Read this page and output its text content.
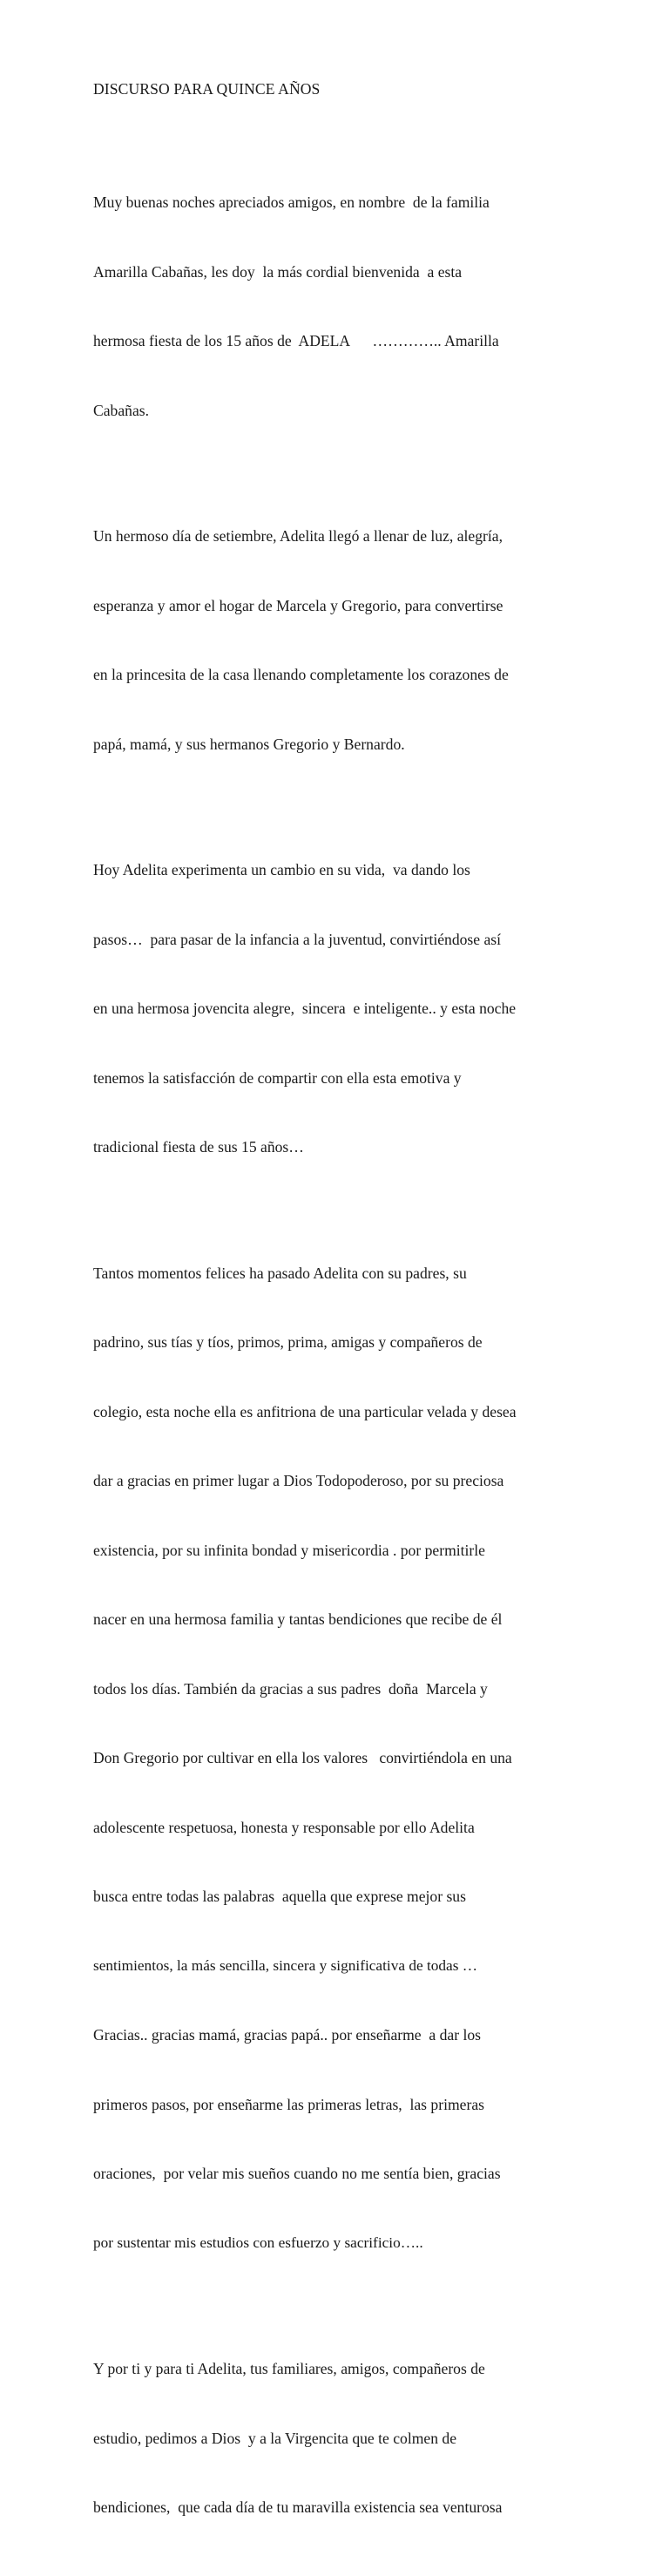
DISCURSO PARA QUINCE AÑOS

Muy buenas noches apreciados amigos, en nombre  de la familia

Amarilla Cabañas, les doy  la más cordial bienvenida  a esta

hermosa fiesta de los 15 años de  ADELA      ………….. Amarilla

Cabañas.

Un hermoso día de setiembre, Adelita llegó a llenar de luz, alegría,

esperanza y amor el hogar de Marcela y Gregorio, para convertirse

en la princesita de la casa llenando completamente los corazones de

papá, mamá, y sus hermanos Gregorio y Bernardo.

Hoy Adelita experimenta un cambio en su vida,  va dando los

pasos…  para pasar de la infancia a la juventud, convirtiéndose así

en una hermosa jovencita alegre,  sincera  e inteligente.. y esta noche

tenemos la satisfacción de compartir con ella esta emotiva y

tradicional fiesta de sus 15 años…

Tantos momentos felices ha pasado Adelita con su padres, su

padrino, sus tías y tíos, primos, prima, amigas y compañeros de

colegio, esta noche ella es anfitriona de una particular velada y desea

dar a gracias en primer lugar a Dios Todopoderoso, por su preciosa

existencia, por su infinita bondad y misericordia . por permitirle

nacer en una hermosa familia y tantas bendiciones que recibe de él

todos los días. También da gracias a sus padres  doña  Marcela y

Don Gregorio por cultivar en ella los valores   convirtiéndola en una

adolescente respetuosa, honesta y responsable por ello Adelita

busca entre todas las palabras  aquella que exprese mejor sus

sentimientos, la más sencilla, sincera y significativa de todas …

Gracias.. gracias mamá, gracias papá.. por enseñarme  a dar los

primeros pasos, por enseñarme las primeras letras,  las primeras

oraciones,  por velar mis sueños cuando no me sentía bien, gracias

por sustentar mis estudios con esfuerzo y sacrificio…..

Y por ti y para ti Adelita, tus familiares, amigos, compañeros de

estudio, pedimos a Dios  y a la Virgencita que te colmen de

bendiciones,  que cada día de tu maravilla existencia sea venturosa
